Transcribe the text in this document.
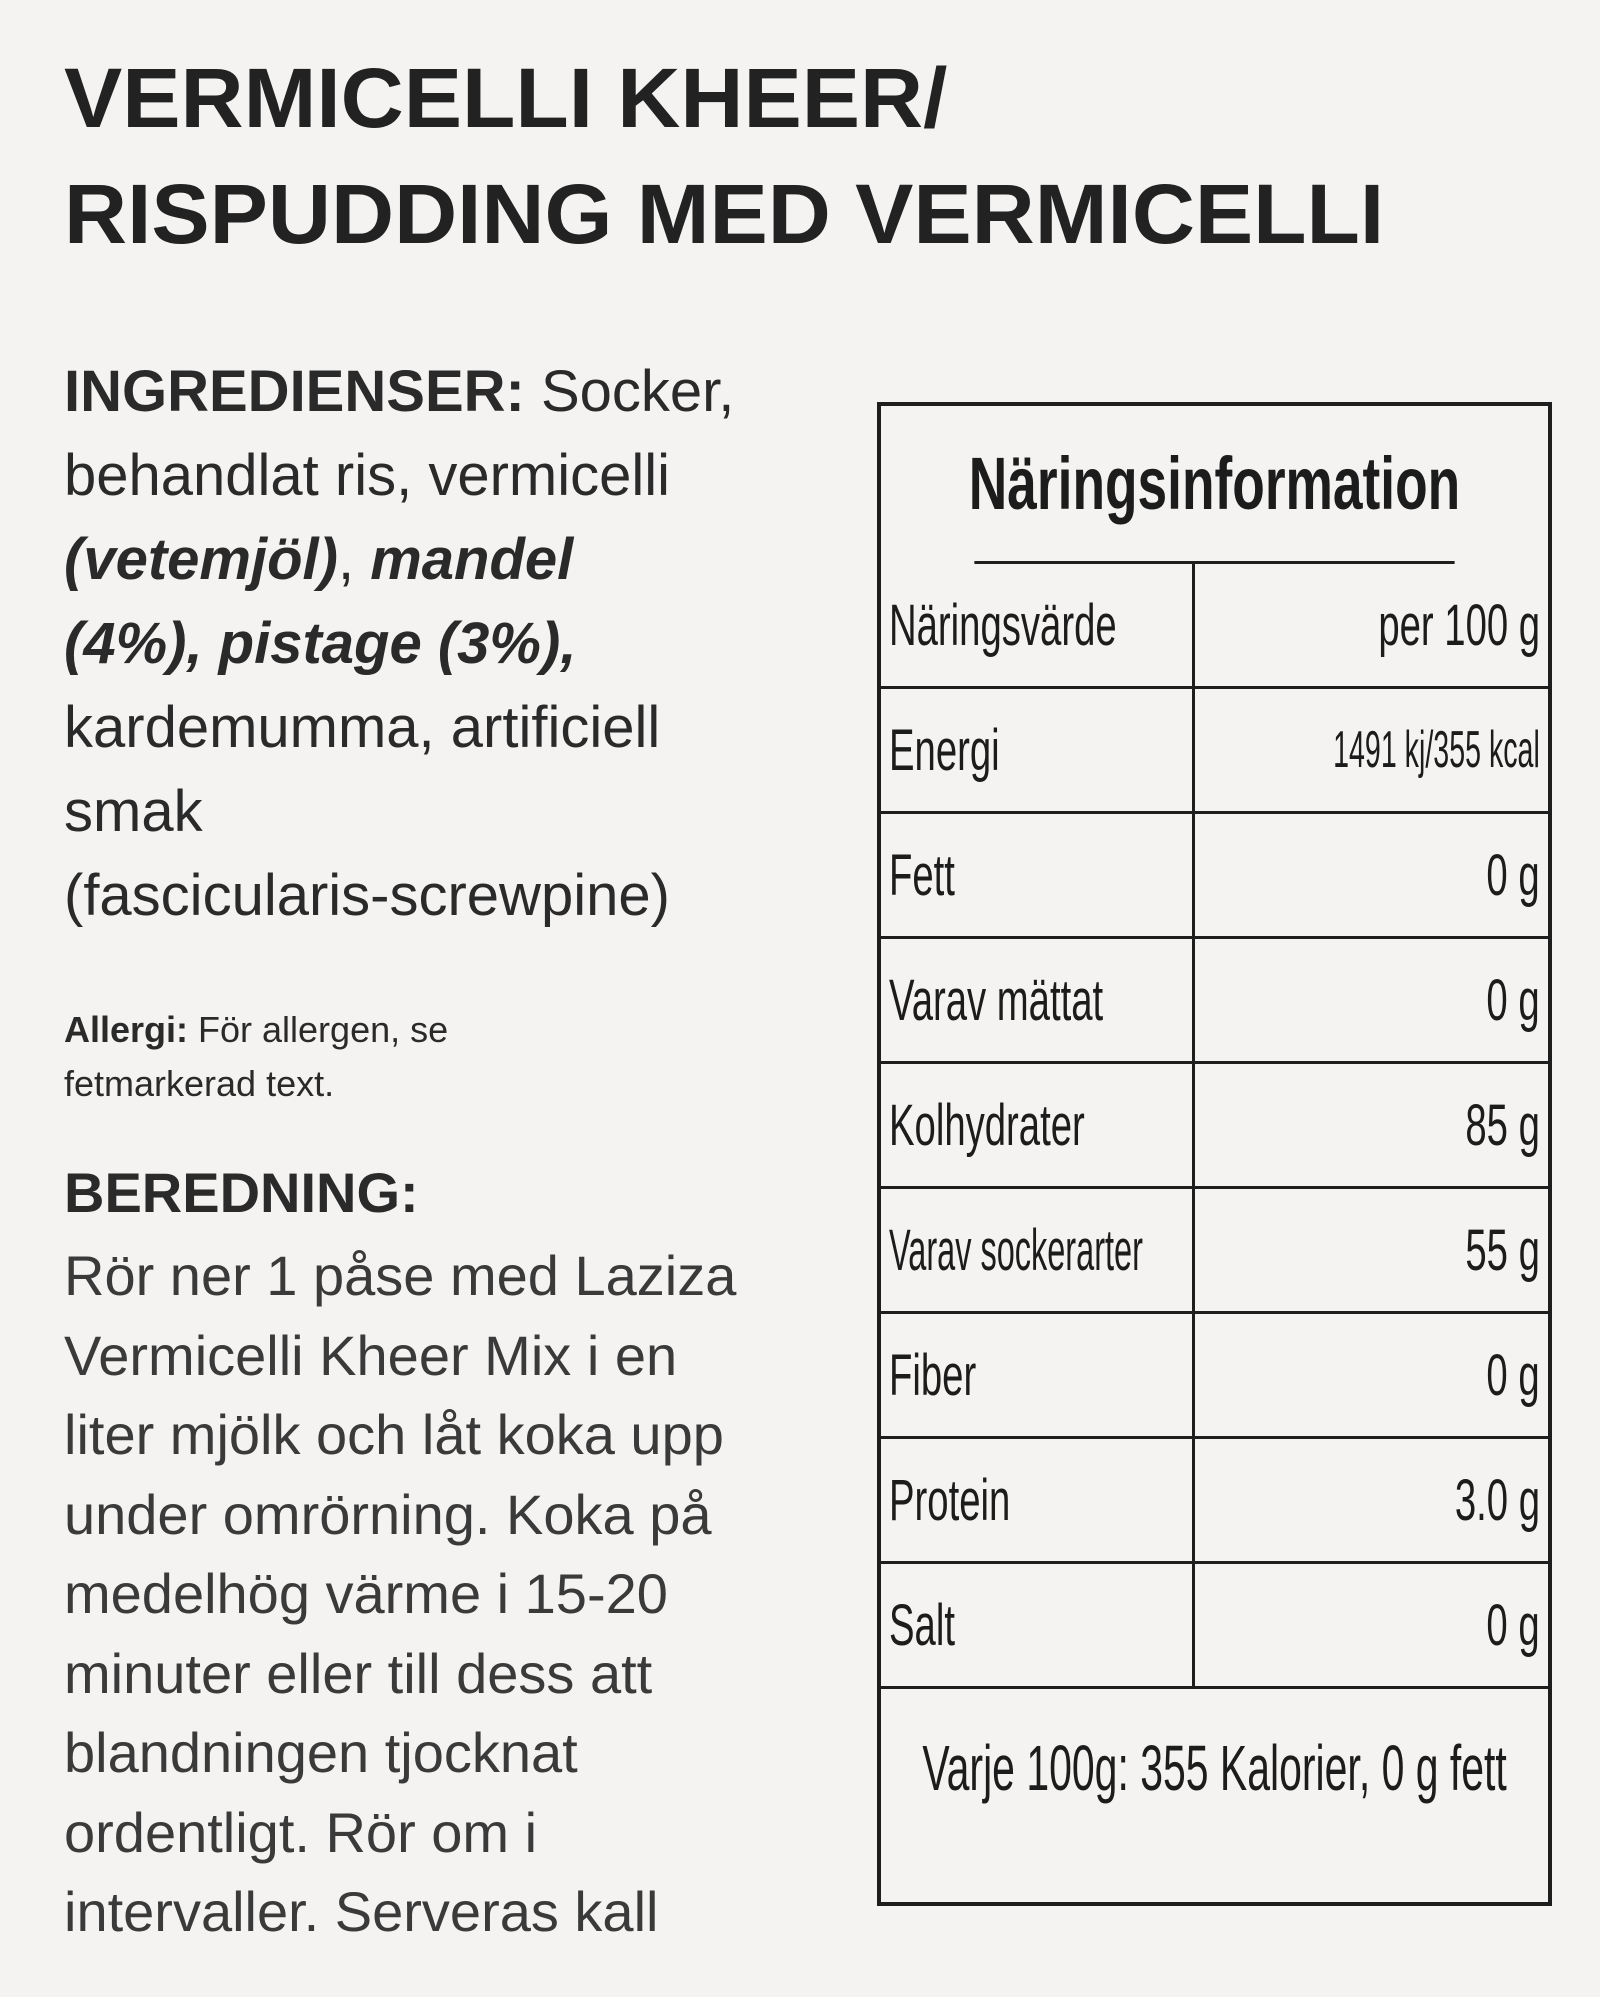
VERMICELLI KHEER/
RISPUDDING MED VERMICELLI
INGREDIENSER: Socker,
behandlat ris, vermicelli
(vetemjöl), mandel
(4%), pistage (3%),
kardemumma, artificiell
smak
(fascicularis-screwpine)
Allergi: För allergen, se
fetmarkerad text.
BEREDNING:
Rör ner 1 påse med Laziza
Vermicelli Kheer Mix i en
liter mjölk och låt koka upp
under omrörning. Koka på
medelhög värme i 15-20
minuter eller till dess att
blandningen tjocknat
ordentligt. Rör om i
intervaller. Serveras kall
Näringsinformation
Näringsvärde	per 100 g
Energi	1491 kj/355 kcal
Fett	0 g
Varav mättat	0 g
Kolhydrater	85 g
Varav sockerarter	55 g
Fiber	0 g
Protein	3.0 g
Salt	0 g
Varje 100g: 355 Kalorier, 0 g fett
